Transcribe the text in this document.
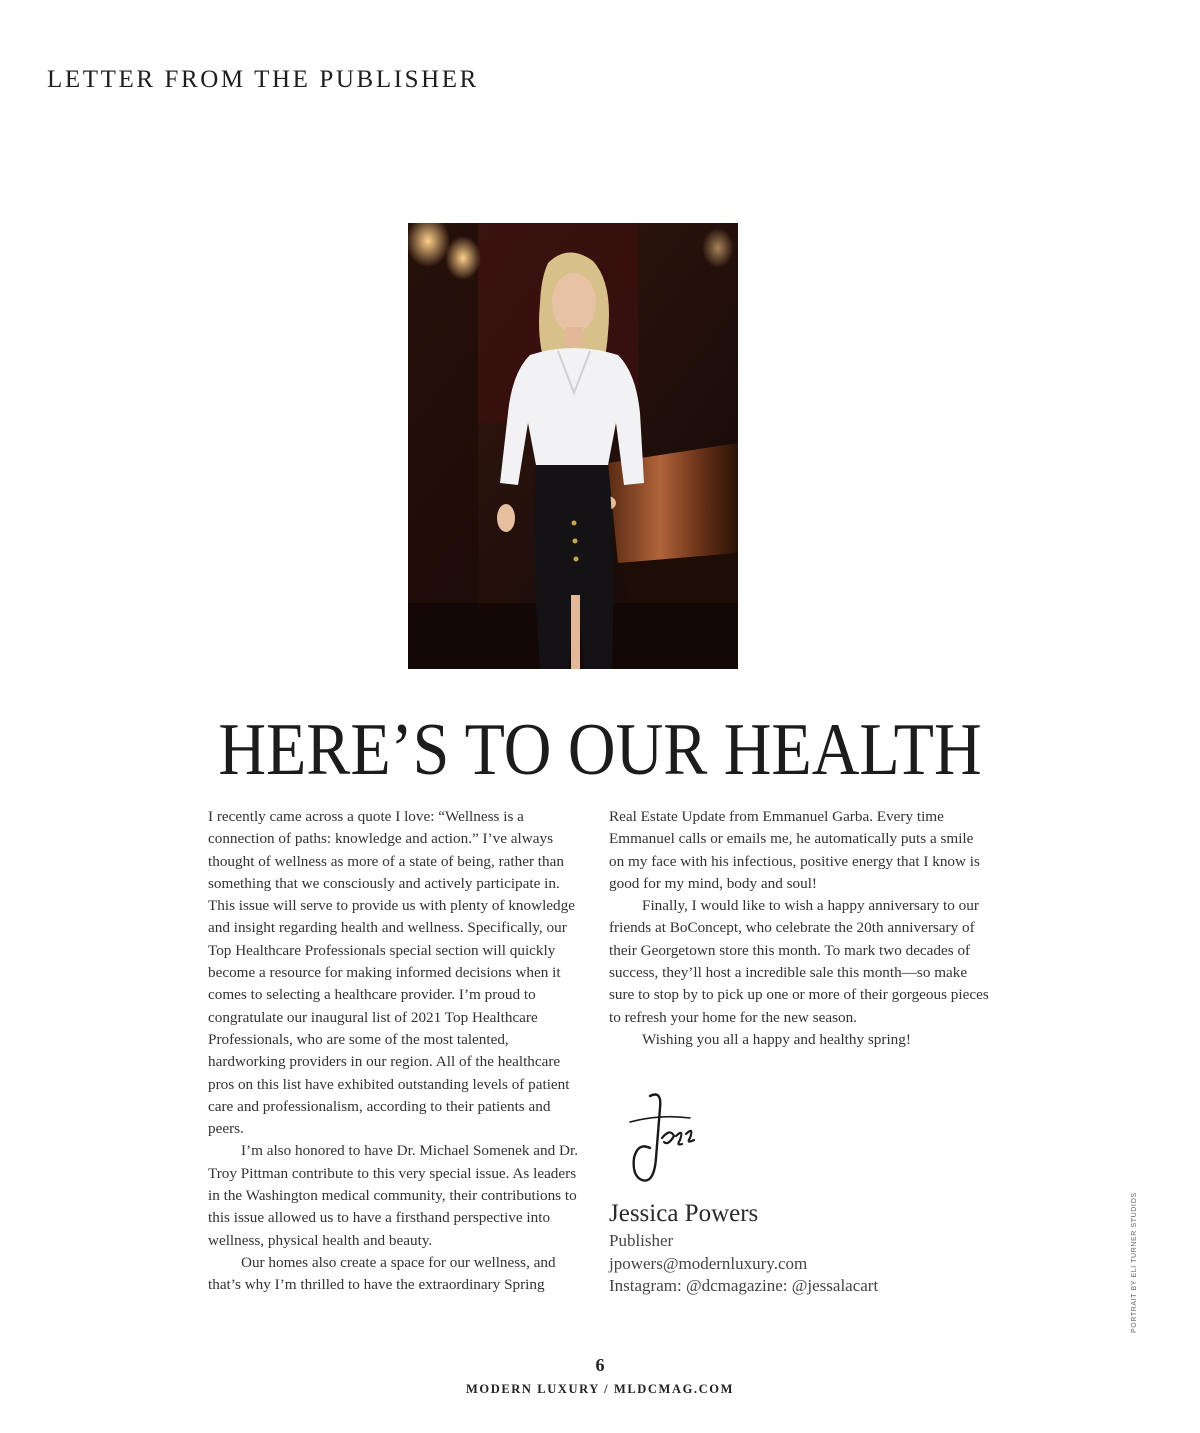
LETTER FROM THE PUBLISHER
HERE’S TO OUR HEALTH

I recently came across a quote I love: “Wellness is a connection of paths: knowledge and action.” I’ve always thought of wellness as more of a state of being, rather than something that we consciously and actively participate in. This issue will serve to provide us with plenty of knowledge and insight regarding health and wellness. Specifically, our Top Healthcare Professionals special section will quickly become a resource for making informed decisions when it comes to selecting a healthcare provider. I’m proud to congratulate our inaugural list of 2021 Top Healthcare Professionals, who are some of the most talented, hardworking providers in our region. All of the healthcare pros on this list have exhibited outstanding levels of patient care and professionalism, according to their patients and peers.

I’m also honored to have Dr. Michael Somenek and Dr. Troy Pittman contribute to this very special issue. As leaders in the Washington medical community, their contributions to this issue allowed us to have a firsthand perspective into wellness, physical health and beauty.

Our homes also create a space for our wellness, and that’s why I’m thrilled to have the extraordinary Spring

Real Estate Update from Emmanuel Garba. Every time Emmanuel calls or emails me, he automatically puts a smile on my face with his infectious, positive energy that I know is good for my mind, body and soul!

Finally, I would like to wish a happy anniversary to our friends at BoConcept, who celebrate the 20th anniversary of their Georgetown store this month. To mark two decades of success, they’ll host a incredible sale this month—so make sure to stop by to pick up one or more of their gorgeous pieces to refresh your home for the new season.

Wishing you all a happy and healthy spring!

Jessica Powers
Publisher
jpowers@modernluxury.com
Instagram: @dcmagazine: @jessalacart	PORTRAIT BY ELI TURNER STUDIOS
6
MODERN LUXURY / MLDCMAG.COM
